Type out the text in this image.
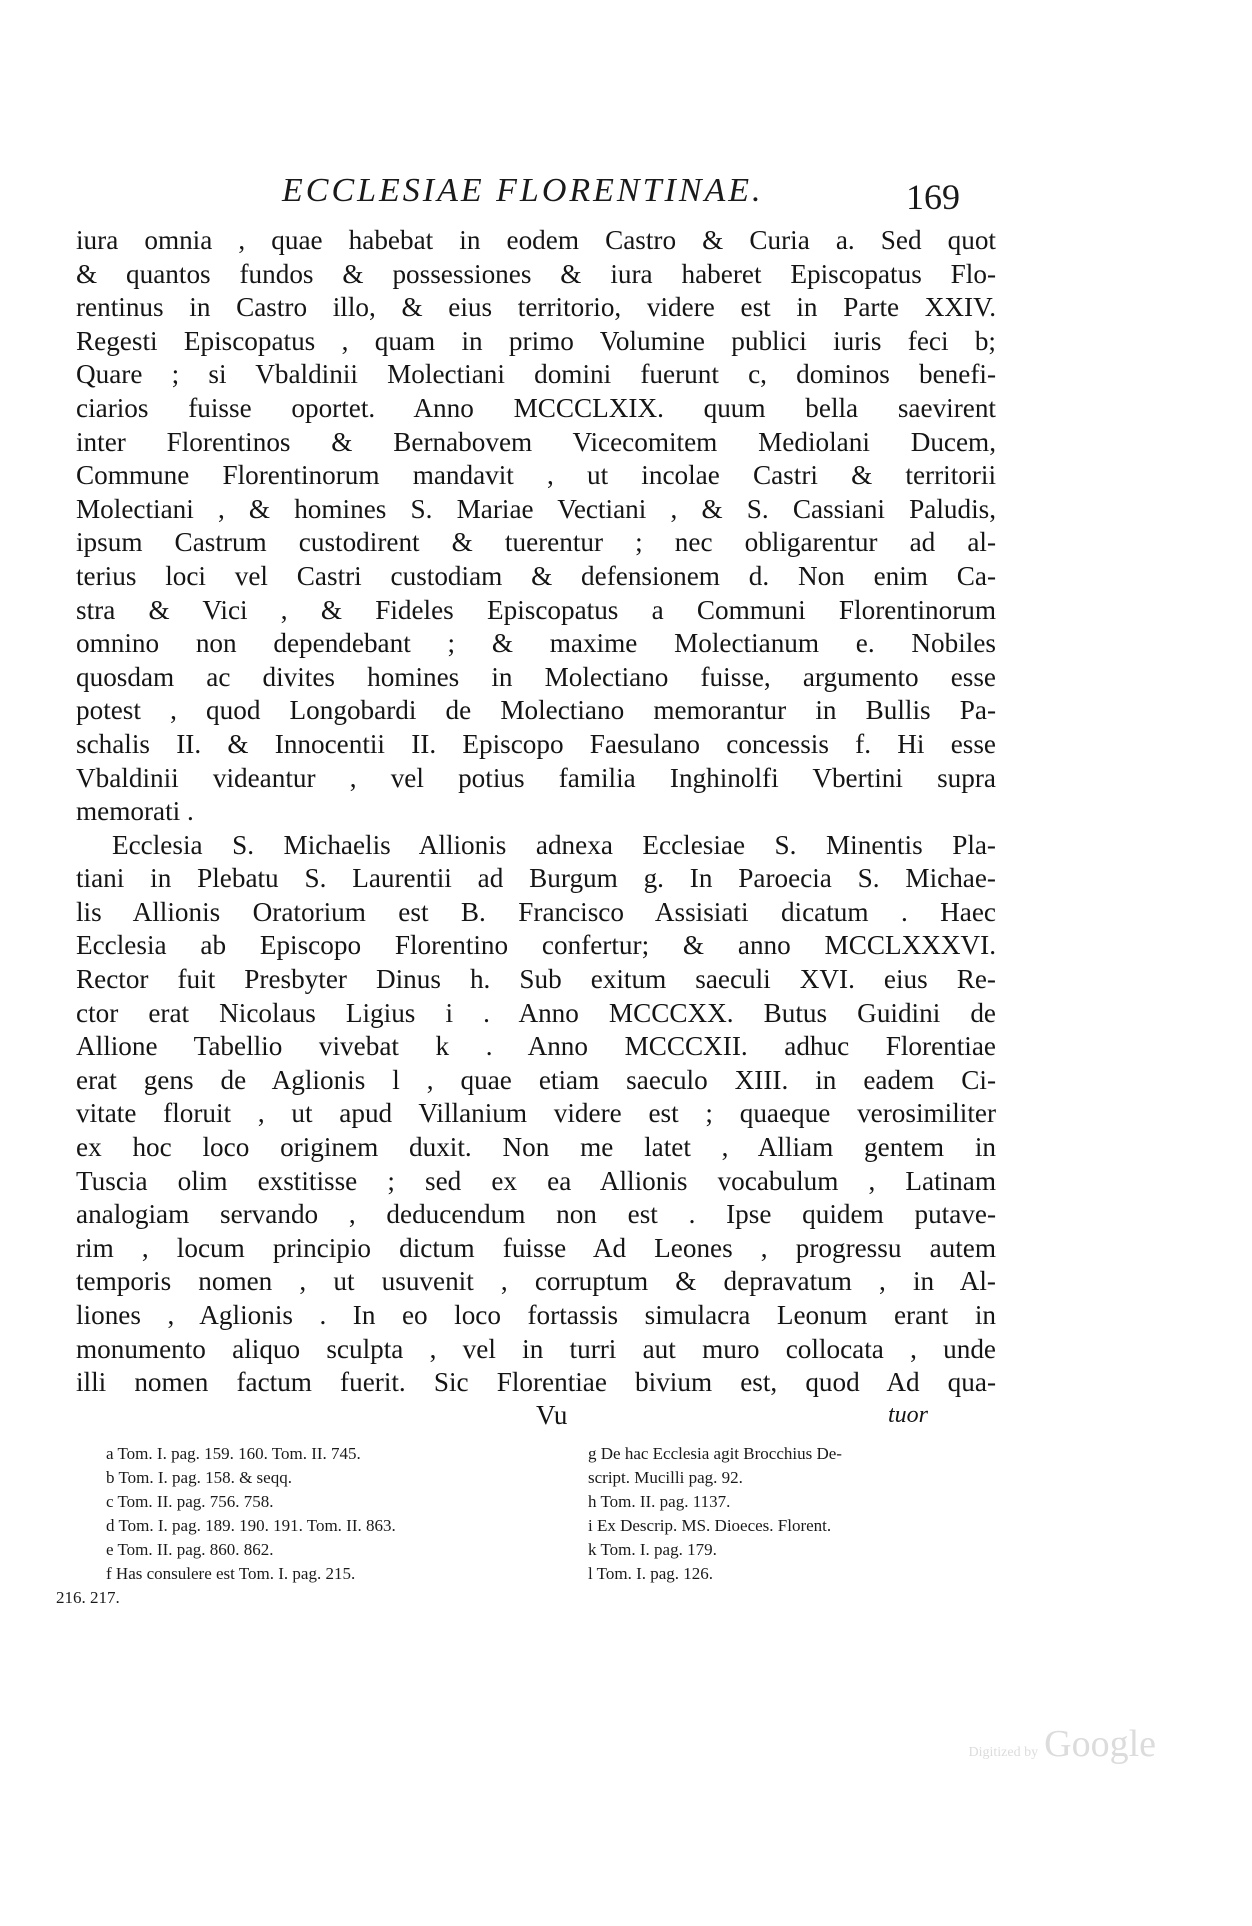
ECCLESIAE FLORENTINAE.	169
iura omnia , quae habebat in eodem Castro & Curia a. Sed quot
& quantos fundos & possessiones & iura haberet Episcopatus Flo-
rentinus in Castro illo, & eius territorio, videre est in Parte XXIV.
Regesti Episcopatus , quam in primo Volumine publici iuris feci b;
Quare ; si Vbaldinii Molectiani domini fuerunt c, dominos benefi-
ciarios fuisse oportet. Anno MCCCLXIX. quum bella saevirent
inter Florentinos & Bernabovem Vicecomitem Mediolani Ducem,
Commune Florentinorum mandavit , ut incolae Castri & territorii
Molectiani , & homines S. Mariae Vectiani , & S. Cassiani Paludis,
ipsum Castrum custodirent & tuerentur ; nec obligarentur ad al-
terius loci vel Castri custodiam & defensionem d. Non enim Ca-
stra & Vici , & Fideles Episcopatus a Communi Florentinorum
omnino non dependebant ; & maxime Molectianum e. Nobiles
quosdam ac divites homines in Molectiano fuisse, argumento esse
potest , quod Longobardi de Molectiano memorantur in Bullis Pa-
schalis II. & Innocentii II. Episcopo Faesulano concessis f. Hi esse
Vbaldinii videantur , vel potius familia Inghinolfi Vbertini supra
memorati .
Ecclesia S. Michaelis Allionis adnexa Ecclesiae S. Minentis Pla-
tiani in Plebatu S. Laurentii ad Burgum g. In Paroecia S. Michae-
lis Allionis Oratorium est B. Francisco Assisiati dicatum . Haec
Ecclesia ab Episcopo Florentino confertur; & anno MCCLXXXVI.
Rector fuit Presbyter Dinus h. Sub exitum saeculi XVI. eius Re-
ctor erat Nicolaus Ligius i . Anno MCCCXX. Butus Guidini de
Allione Tabellio vivebat k . Anno MCCCXII. adhuc Florentiae
erat gens de Aglionis l , quae etiam saeculo XIII. in eadem Ci-
vitate floruit , ut apud Villanium videre est ; quaeque verosimiliter
ex hoc loco originem duxit. Non me latet , Alliam gentem in
Tuscia olim exstitisse ; sed ex ea Allionis vocabulum , Latinam
analogiam servando , deducendum non est . Ipse quidem putave-
rim , locum principio dictum fuisse Ad Leones , progressu autem
temporis nomen , ut usuvenit , corruptum & depravatum , in Al-
liones , Aglionis . In eo loco fortassis simulacra Leonum erant in
monumento aliquo sculpta , vel in turri aut muro collocata , unde
illi nomen factum fuerit. Sic Florentiae bivium est, quod Ad qua-
Vu	tuor
a Tom. I. pag. 159. 160. Tom. II. 745.
b Tom. I. pag. 158. & seqq.
c Tom. II. pag. 756. 758.
d Tom. I. pag. 189. 190. 191. Tom. II. 863.
e Tom. II. pag. 860. 862.
f Has consulere est Tom. I. pag. 215.
216. 217.
g De hac Ecclesia agit Brocchius De-
script. Mucilli pag. 92.
h Tom. II. pag. 1137.
i Ex Descrip. MS. Dioeces. Florent.
k Tom. I. pag. 179.
l Tom. I. pag. 126.
Digitized by Google
